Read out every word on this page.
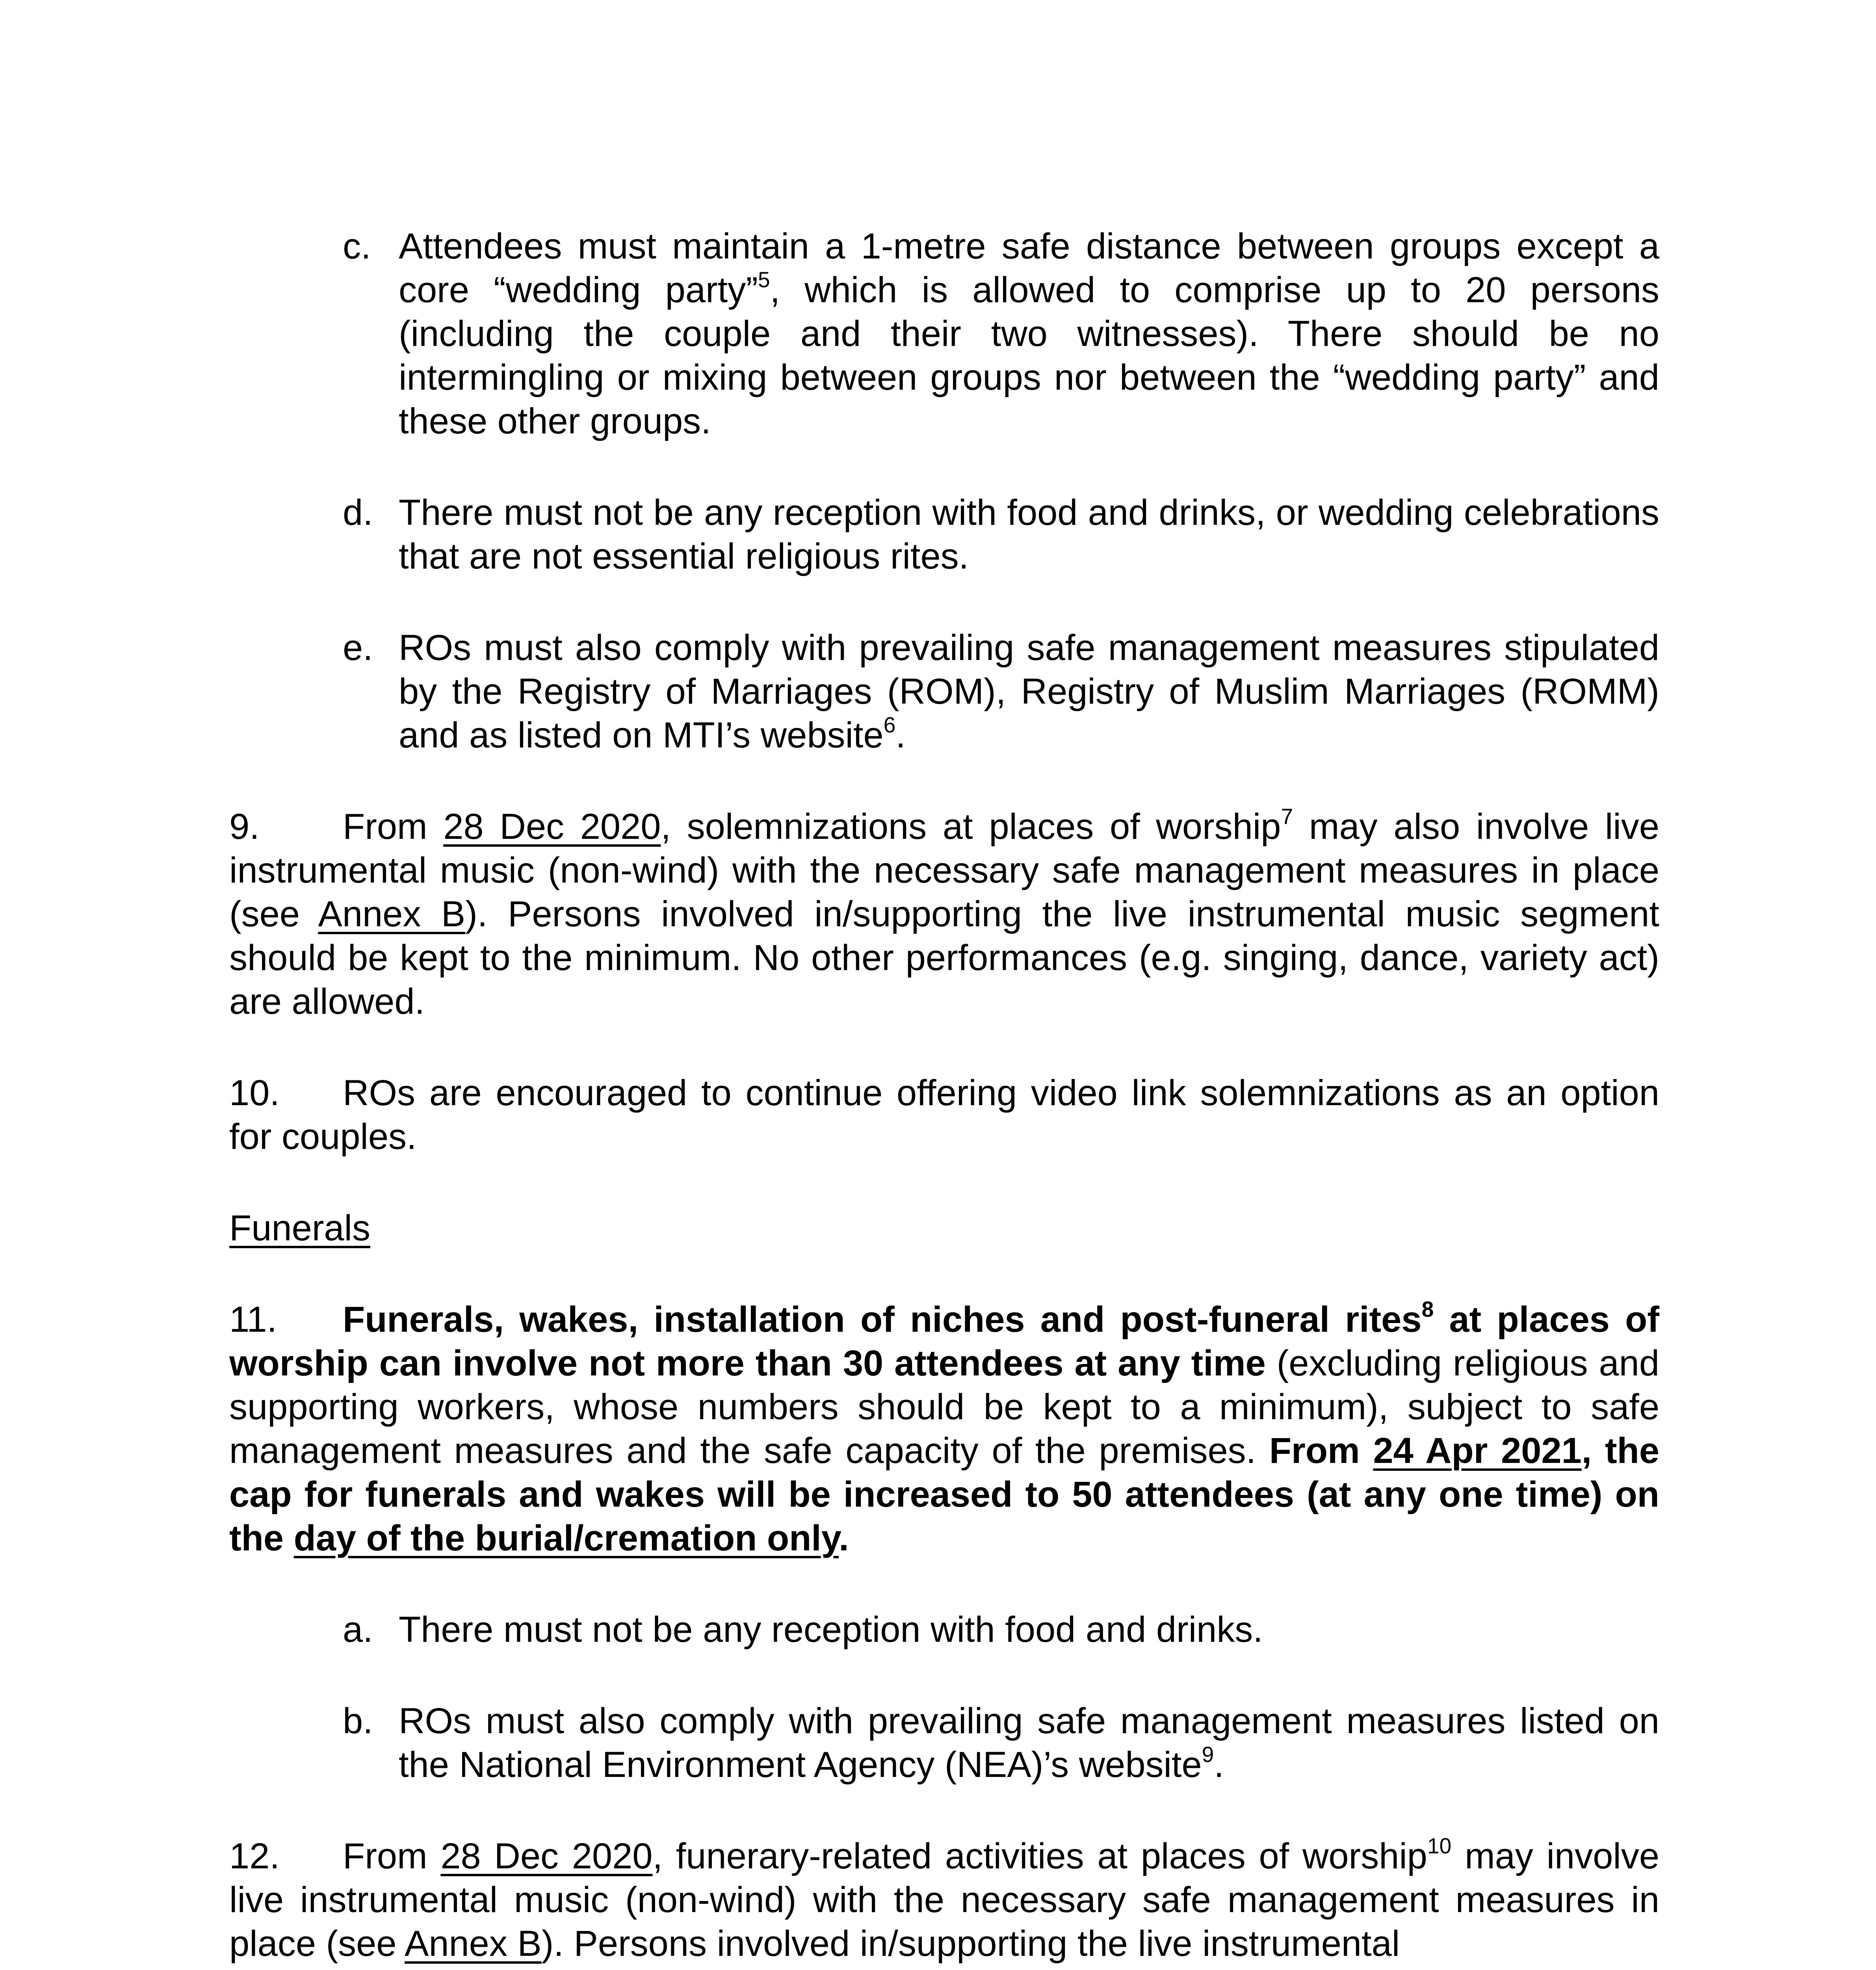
c. Attendees must maintain a 1-metre safe distance between groups except a core “wedding party”$^5$, which is allowed to comprise up to 20 persons (including the couple and their two witnesses). There should be no intermingling or mixing between groups nor between the “wedding party” and these other groups.

d. There must not be any reception with food and drinks, or wedding celebrations that are not essential religious rites.

e. ROs must also comply with prevailing safe management measures stipulated by the Registry of Marriages (ROM), Registry of Muslim Marriages (ROMM) and as listed on MTI’s website$^6$.

9. From 28 Dec 2020, solemnizations at places of worship$^7$ may also involve live instrumental music (non-wind) with the necessary safe management measures in place (see Annex B). Persons involved in/supporting the live instrumental music segment should be kept to the minimum. No other performances (e.g. singing, dance, variety act) are allowed.

10. ROs are encouraged to continue offering video link solemnizations as an option for couples.

Funerals

11. Funerals, wakes, installation of niches and post-funeral rites$^8$ at places of worship can involve not more than 30 attendees at any time (excluding religious and supporting workers, whose numbers should be kept to a minimum), subject to safe management measures and the safe capacity of the premises. From 24 Apr 2021, the cap for funerals and wakes will be increased to 50 attendees (at any one time) on the day of the burial/cremation only.

a. There must not be any reception with food and drinks.

b. ROs must also comply with prevailing safe management measures listed on the National Environment Agency (NEA)’s website$^9$.

12. From 28 Dec 2020, funerary-related activities at places of worship$^{10}$ may involve live instrumental music (non-wind) with the necessary safe management measures in place (see Annex B). Persons involved in/supporting the live instrumental
